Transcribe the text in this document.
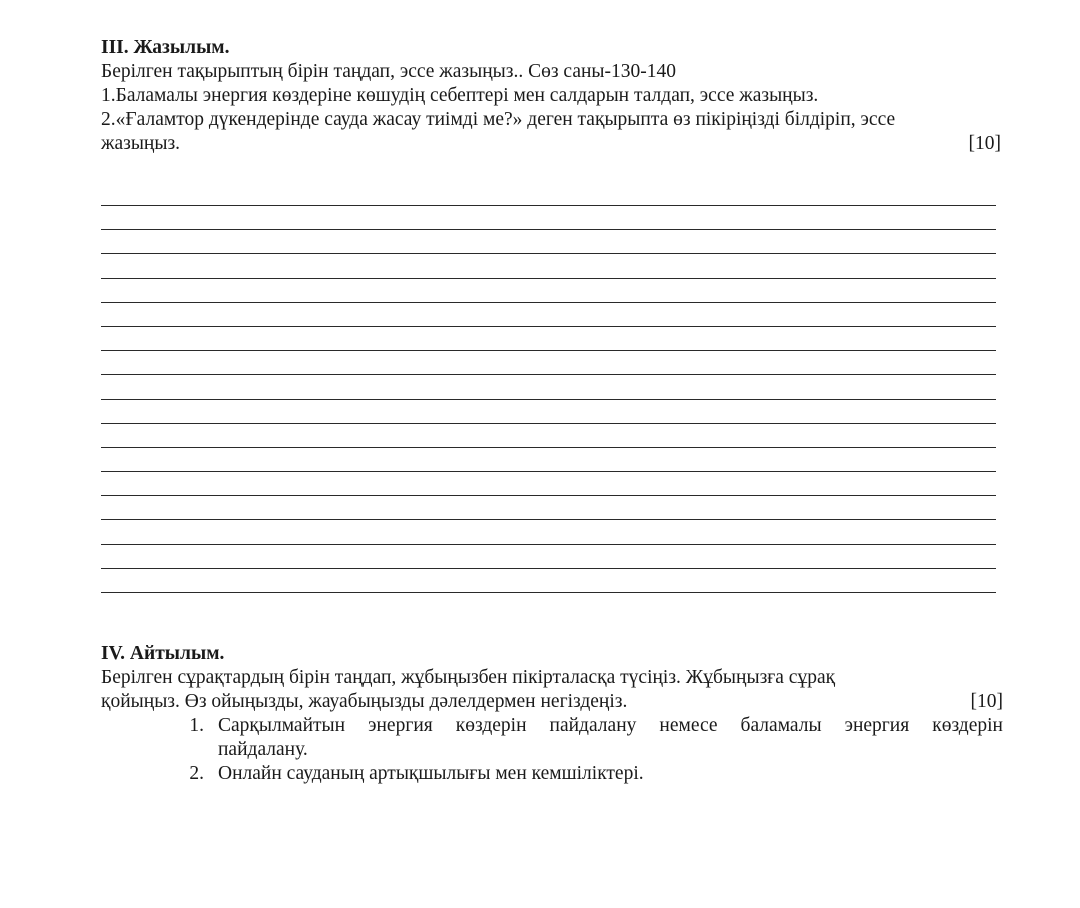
III. Жазылым.
Берілген тақырыптың бірін таңдап, эссе жазыңыз.. Сөз саны-130-140
1.Баламалы энергия көздеріне көшудің себептері мен салдарын талдап, эссе жазыңыз.
2.«Ғаламтор дүкендерінде сауда жасау тиімді ме?» деген тақырыпта өз пікіріңізді білдіріп, эссе
жазыңыз.	[10]
IV. Айтылым.
Берілген сұрақтардың бірін таңдап, жұбыңызбен пікірталасқа түсіңіз. Жұбыңызға сұрақ
қойыңыз. Өз ойыңызды, жауабыңызды дәлелдермен негіздеңіз.	[10]
1. Сарқылмайтын энергия көздерін пайдалану немесе баламалы энергия көздерін
пайдалану.
2. Онлайн сауданың артықшылығы мен кемшіліктері.
